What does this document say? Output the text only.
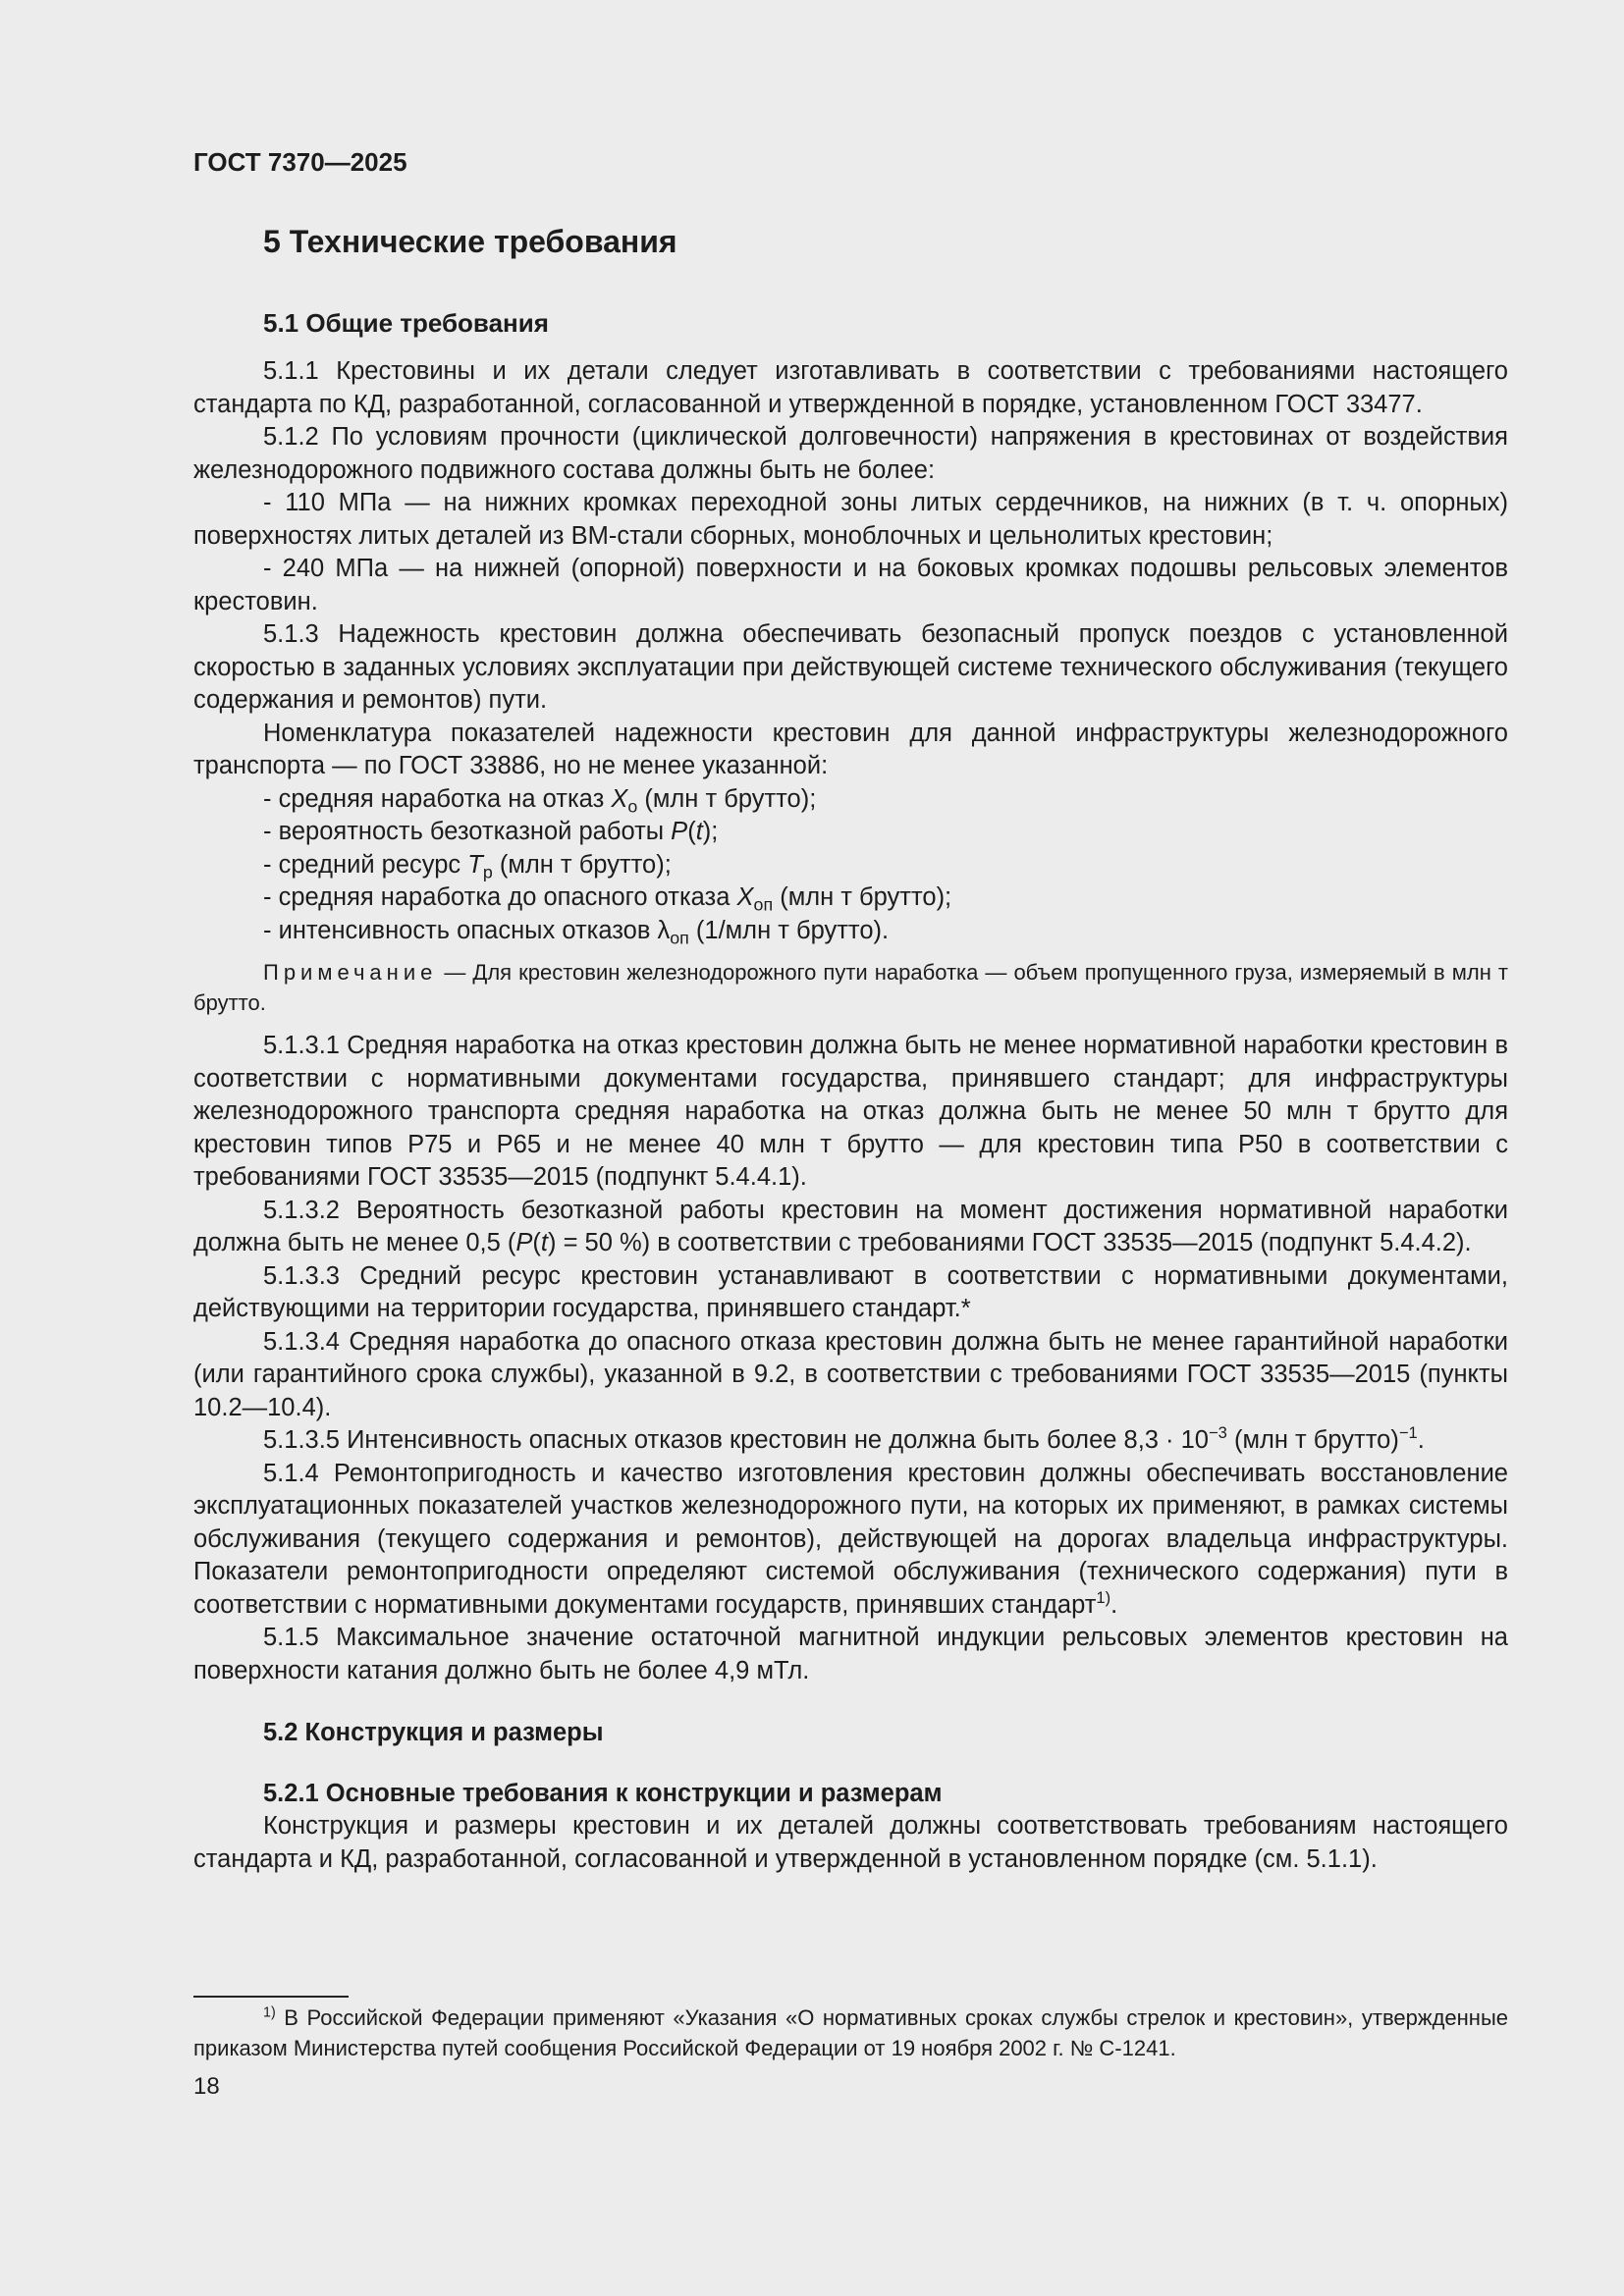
ГОСТ 7370—2025
5 Технические требования
5.1 Общие требования

5.1.1 Крестовины и их детали следует изготавливать в соответствии с требованиями настоящего стандарта по КД, разработанной, согласованной и утвержденной в порядке, установленном ГОСТ 33477.

5.1.2 По условиям прочности (циклической долговечности) напряжения в крестовинах от воздействия железнодорожного подвижного состава должны быть не более:

- 110 МПа — на нижних кромках переходной зоны литых сердечников, на нижних (в т. ч. опорных) поверхностях литых деталей из ВМ-стали сборных, моноблочных и цельнолитых крестовин;

- 240 МПа — на нижней (опорной) поверхности и на боковых кромках подошвы рельсовых элементов крестовин.

5.1.3 Надежность крестовин должна обеспечивать безопасный пропуск поездов с установленной скоростью в заданных условиях эксплуатации при действующей системе технического обслуживания (текущего содержания и ремонтов) пути.

Номенклатура показателей надежности крестовин для данной инфраструктуры железнодорожного транспорта — по ГОСТ 33886, но не менее указанной:

- средняя наработка на отказ $X_о$ (млн т брутто);

- вероятность безотказной работы P(t);

- средний ресурс $T_р$ (млн т брутто);

- средняя наработка до опасного отказа $X_{оп}$ (млн т брутто);

- интенсивность опасных отказов $\lambda_{оп}$ (1/млн т брутто).

Примечание — Для крестовин железнодорожного пути наработка — объем пропущенного груза, измеряемый в млн т брутто.

5.1.3.1 Средняя наработка на отказ крестовин должна быть не менее нормативной наработки крестовин в соответствии с нормативными документами государства, принявшего стандарт; для инфраструктуры железнодорожного транспорта средняя наработка на отказ должна быть не менее 50 млн т брутто для крестовин типов Р75 и Р65 и не менее 40 млн т брутто — для крестовин типа Р50 в соответствии с требованиями ГОСТ 33535—2015 (подпункт 5.4.4.1).

5.1.3.2 Вероятность безотказной работы крестовин на момент достижения нормативной наработки должна быть не менее 0,5 (P(t) = 50 %) в соответствии с требованиями ГОСТ 33535—2015 (подпункт 5.4.4.2).

5.1.3.3 Средний ресурс крестовин устанавливают в соответствии с нормативными документами, действующими на территории государства, принявшего стандарт.*

5.1.3.4 Средняя наработка до опасного отказа крестовин должна быть не менее гарантийной наработки (или гарантийного срока службы), указанной в 9.2, в соответствии с требованиями ГОСТ 33535—2015 (пункты 10.2—10.4).

5.1.3.5 Интенсивность опасных отказов крестовин не должна быть более $8,3 \cdot 10^{-3}$ (млн т брутто)$^{-1}$.

5.1.4 Ремонтопригодность и качество изготовления крестовин должны обеспечивать восстановление эксплуатационных показателей участков железнодорожного пути, на которых их применяют, в рамках системы обслуживания (текущего содержания и ремонтов), действующей на дорогах владельца инфраструктуры. Показатели ремонтопригодности определяют системой обслуживания (технического содержания) пути в соответствии с нормативными документами государств, принявших стандарт$^{1)}$.

5.1.5 Максимальное значение остаточной магнитной индукции рельсовых элементов крестовин на поверхности катания должно быть не более 4,9 мТл.

5.2 Конструкция и размеры

5.2.1 Основные требования к конструкции и размерам

Конструкция и размеры крестовин и их деталей должны соответствовать требованиям настоящего стандарта и КД, разработанной, согласованной и утвержденной в установленном порядке (см. 5.1.1).

$^{1)}$ В Российской Федерации применяют «Указания «О нормативных сроках службы стрелок и крестовин», утвержденные приказом Министерства путей сообщения Российской Федерации от 19 ноября 2002 г. № С-1241.

18
